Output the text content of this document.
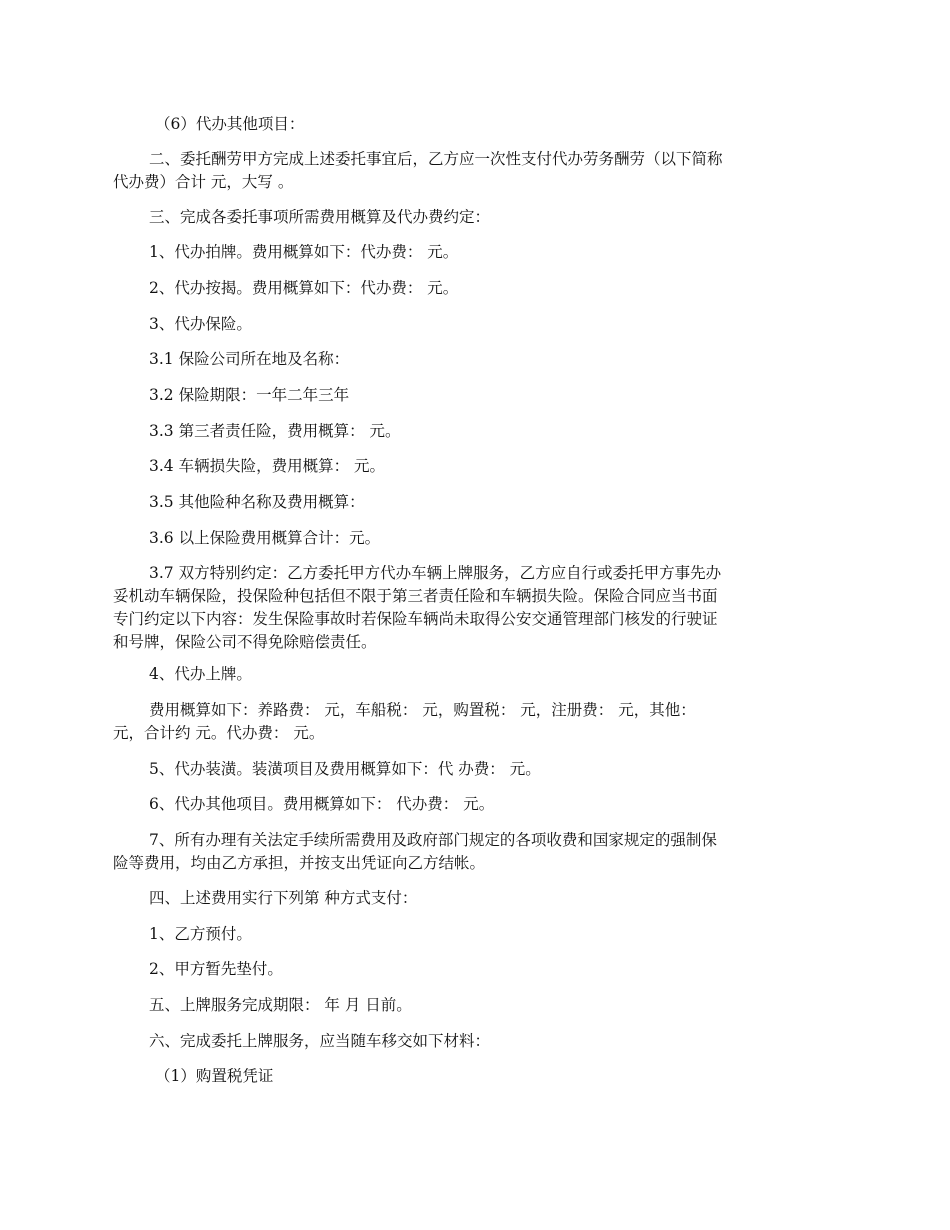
（6）代办其他项目：
二、委托酬劳甲方完成上述委托事宜后，乙方应一次性支付代办劳务酬劳（以下简称
代办费）合计 元，大写 。
三、完成各委托事项所需费用概算及代办费约定：
1、代办拍牌。费用概算如下：代办费： 元。
2、代办按揭。费用概算如下：代办费： 元。
3、代办保险。
3.1 保险公司所在地及名称：
3.2 保险期限：一年二年三年
3.3 第三者责任险，费用概算： 元。
3.4 车辆损失险，费用概算： 元。
3.5 其他险种名称及费用概算：
3.6 以上保险费用概算合计：元。
3.7 双方特别约定：乙方委托甲方代办车辆上牌服务，乙方应自行或委托甲方事先办
妥机动车辆保险，投保险种包括但不限于第三者责任险和车辆损失险。保险合同应当书面
专门约定以下内容：发生保险事故时若保险车辆尚未取得公安交通管理部门核发的行驶证
和号牌，保险公司不得免除赔偿责任。
4、代办上牌。
费用概算如下：养路费： 元，车船税： 元，购置税： 元，注册费： 元，其他：
元，合计约 元。代办费： 元。
5、代办装潢。装潢项目及费用概算如下：代 办费： 元。
6、代办其他项目。费用概算如下： 代办费： 元。
7、所有办理有关法定手续所需费用及政府部门规定的各项收费和国家规定的强制保
险等费用，均由乙方承担，并按支出凭证向乙方结帐。
四、上述费用实行下列第 种方式支付：
1、乙方预付。
2、甲方暂先垫付。
五、上牌服务完成期限： 年 月 日前。
六、完成委托上牌服务，应当随车移交如下材料：
（1）购置税凭证
